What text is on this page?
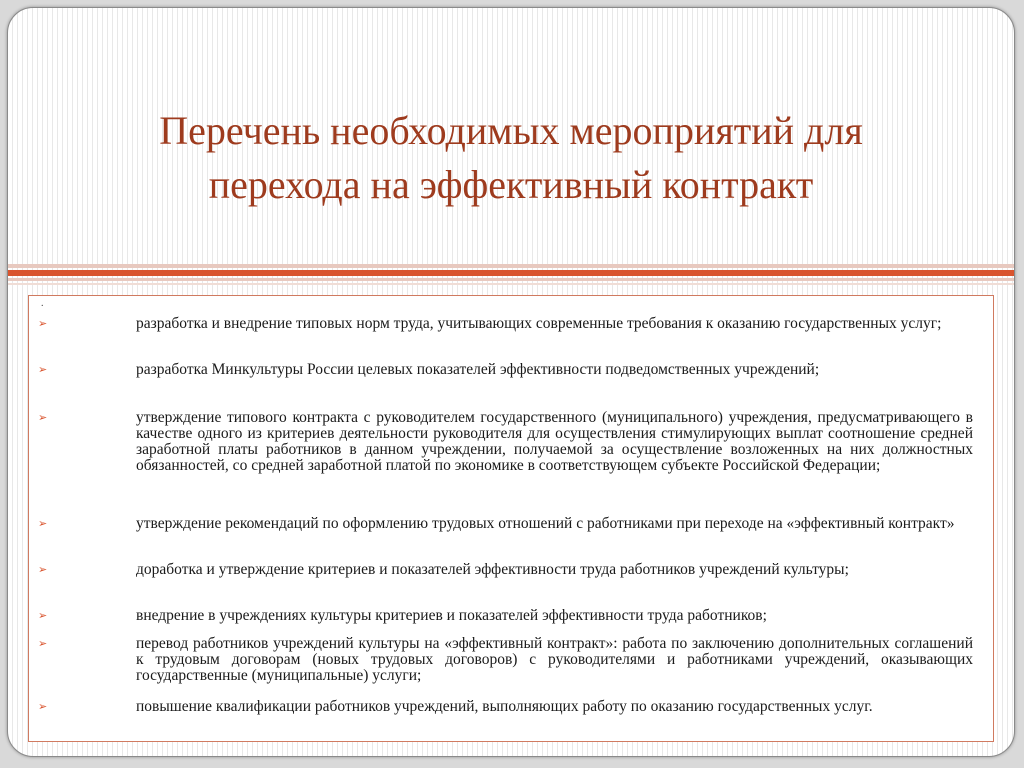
Перечень необходимых мероприятий для
перехода на эффективный контракт
.
➢	разработка и внедрение типовых норм труда, учитывающих современные требования к оказанию государственных услуг;
➢	разработка Минкультуры России целевых показателей эффективности подведомственных учреждений;
➢	утверждение типового контракта с руководителем государственного (муниципального) учреждения, предусматривающего в качестве одного из критериев деятельности руководителя для осуществления стимулирующих выплат соотношение средней заработной платы работников в данном учреждении, получаемой за осуществление возложенных на них должностных обязанностей, со средней заработной платой по экономике в соответствующем субъекте Российской Федерации;
➢	утверждение рекомендаций по оформлению трудовых отношений с работниками при переходе на «эффективный контракт»
➢	доработка и утверждение критериев и показателей эффективности труда работников учреждений культуры;
➢	внедрение в учреждениях культуры критериев и показателей эффективности труда работников;
➢	перевод работников учреждений культуры на «эффективный контракт»: работа по заключению дополнительных соглашений к трудовым договорам (новых трудовых договоров) с руководителями и работниками учреждений, оказывающих государственные (муниципальные) услуги;
➢	повышение квалификации работников учреждений, выполняющих работу по оказанию государственных услуг.
